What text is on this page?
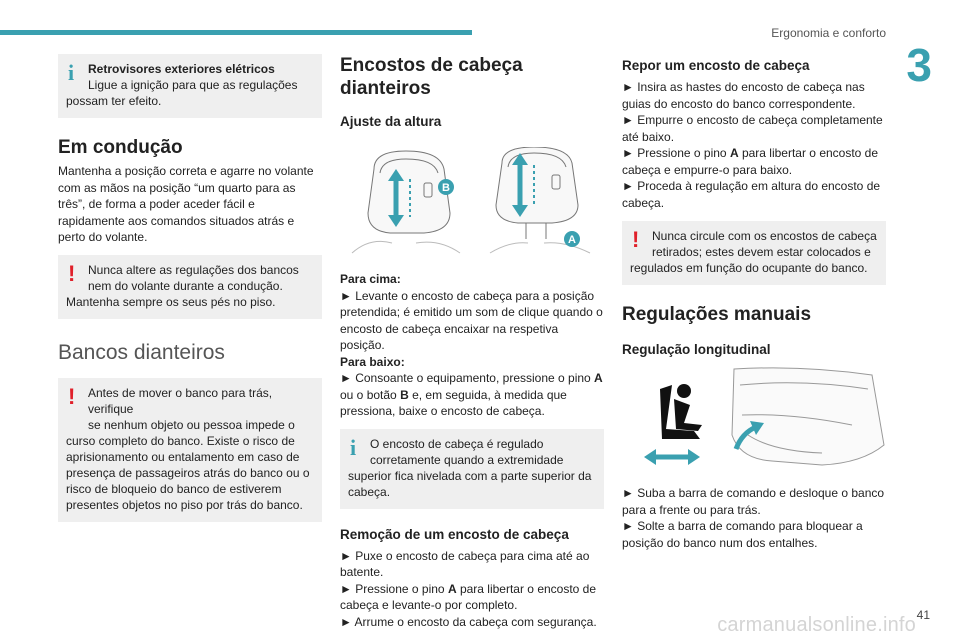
Ergonomia e conforto
3
i	Retrovisores exteriores elétricos
Ligue a ignição para que as regulações
possam ter efeito.
Em condução

Mantenha a posição correta e agarre no volante com as mãos na posição “um quarto para as três”, de forma a poder aceder fácil e rapidamente aos comandos situados atrás e perto do volante.

!	Nunca altere as regulações dos bancos
nem do volante durante a condução.
Mantenha sempre os seus pés no piso.
Bancos dianteiros
!	Antes de mover o banco para trás, verifique
se nenhum objeto ou pessoa impede o
curso completo do banco. Existe o risco de aprisionamento ou entalamento em caso de presença de passageiros atrás do banco ou o risco de bloqueio do banco de estiverem presentes objetos no piso por trás do banco.
Encostos de cabeça dianteiros
Ajuste da altura
B
A

Para cima:
► Levante o encosto de cabeça para a posição pretendida; é emitido um som de clique quando o encosto de cabeça encaixar na respetiva posição.
Para baixo:
► Consoante o equipamento, pressione o pino A ou o botão B e, em seguida, à medida que pressiona, baixe o encosto de cabeça.

i	O encosto de cabeça é regulado
corretamente quando a extremidade
superior fica nivelada com a parte superior da cabeça.
Remoção de um encosto de cabeça

► Puxe o encosto de cabeça para cima até ao batente.
► Pressione o pino A para libertar o encosto de cabeça e levante-o por completo.
► Arrume o encosto da cabeça com segurança.

Repor um encosto de cabeça

► Insira as hastes do encosto de cabeça nas guias do encosto do banco correspondente.
► Empurre o encosto de cabeça completamente até baixo.
► Pressione o pino A para libertar o encosto de cabeça e empurre-o para baixo.
► Proceda à regulação em altura do encosto de cabeça.

!	Nunca circule com os encostos de cabeça
retirados; estes devem estar colocados e
regulados em função do ocupante do banco.
Regulações manuais
Regulação longitudinal

► Suba a barra de comando e desloque o banco para a frente ou para trás.
► Solte a barra de comando para bloquear a posição do banco num dos entalhes.

carmanualsonline.info 41
